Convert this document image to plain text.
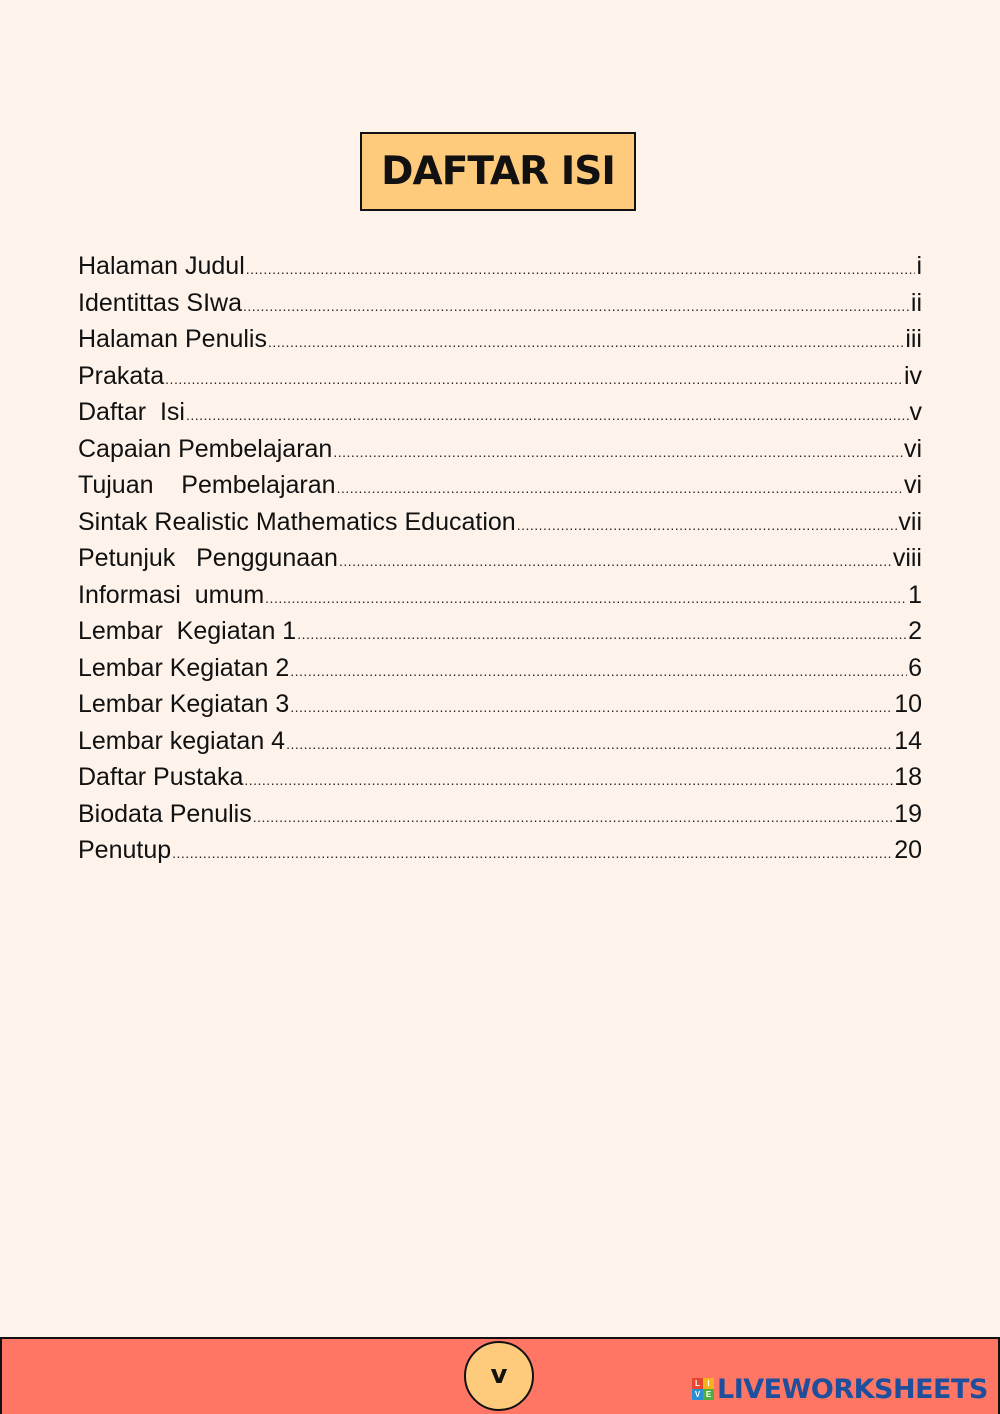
DAFTAR ISI
Halaman Judul .....	i
Identittas SIwa .....	ii
Halaman Penulis .....	iii
Prakata .....	iv
Daftar  Isi .....	v
Capaian Pembelajaran .....	vi
Tujuan    Pembelajaran .....	vi
Sintak Realistic Mathematics Education .....	vii
Petunjuk   Penggunaan .....	viii
Informasi  umum .....	1
Lembar  Kegiatan 1 .....	2
Lembar Kegiatan 2 .....	6
Lembar Kegiatan 3 .....	10
Lembar kegiatan 4 .....	14
Daftar Pustaka .....	18
Biodata Penulis .....	19
Penutup .....	20
v	L I
V E LIVEWORKSHEETS
